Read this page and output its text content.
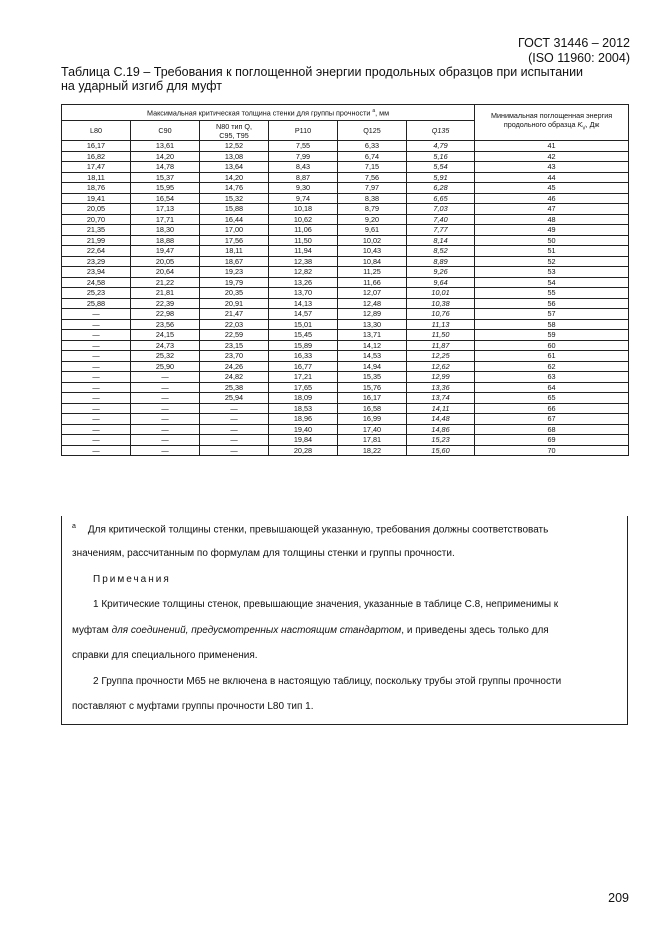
ГОСТ 31446 – 2012
(ISO 11960: 2004)
Таблица С.19 – Требования к поглощенной энергии продольных образцов при испытании
на ударный изгиб для муфт
Максимальная критическая толщина стенки для группы прочности $^а$, мм						Минимальная поглощенная энергия продольного образца $K_V$, Дж
L80	C90	N80 тип Q,
C95, T95	P110	Q125	Q135	
16,17	13,61	12,52	7,55	6,33	4,79	41
16,82	14,20	13,08	7,99	6,74	5,16	42
17,47	14,78	13,64	8,43	7,15	5,54	43
18,11	15,37	14,20	8,87	7,56	5,91	44
18,76	15,95	14,76	9,30	7,97	6,28	45
19,41	16,54	15,32	9,74	8,38	6,65	46
20,05	17,13	15,88	10,18	8,79	7,03	47
20,70	17,71	16,44	10,62	9,20	7,40	48
21,35	18,30	17,00	11,06	9,61	7,77	49
21,99	18,88	17,56	11,50	10,02	8,14	50
22,64	19,47	18,11	11,94	10,43	8,52	51
23,29	20,05	18,67	12,38	10,84	8,89	52
23,94	20,64	19,23	12,82	11,25	9,26	53
24,58	21,22	19,79	13,26	11,66	9,64	54
25,23	21,81	20,35	13,70	12,07	10,01	55
25,88	22,39	20,91	14,13	12,48	10,38	56
—	22,98	21,47	14,57	12,89	10,76	57
—	23,56	22,03	15,01	13,30	11,13	58
—	24,15	22,59	15,45	13,71	11,50	59
—	24,73	23,15	15,89	14,12	11,87	60
—	25,32	23,70	16,33	14,53	12,25	61
—	25,90	24,26	16,77	14,94	12,62	62
—	—	24,82	17,21	15,35	12,99	63
—	—	25,38	17,65	15,76	13,36	64
—	—	25,94	18,09	16,17	13,74	65
—	—	—	18,53	16,58	14,11	66
—	—	—	18,96	16,99	14,48	67
—	—	—	19,40	17,40	14,86	68
—	—	—	19,84	17,81	15,23	69
—	—	—	20,28	18,22	15,60	70

$^а$ Для критической толщины стенки, превышающей указанную, требования должны соответствовать

значениям, рассчитанным по формулам для толщины стенки и группы прочности.

Примечания

1 Критические толщины стенок, превышающие значения, указанные в таблице С.8, неприменимы к

муфтам для соединений, предусмотренных настоящим стандартом, и приведены здесь только для

справки для специального применения.

2 Группа прочности М65 не включена в настоящую таблицу, поскольку трубы этой группы прочности

поставляют с муфтами группы прочности L80 тип 1.

209
